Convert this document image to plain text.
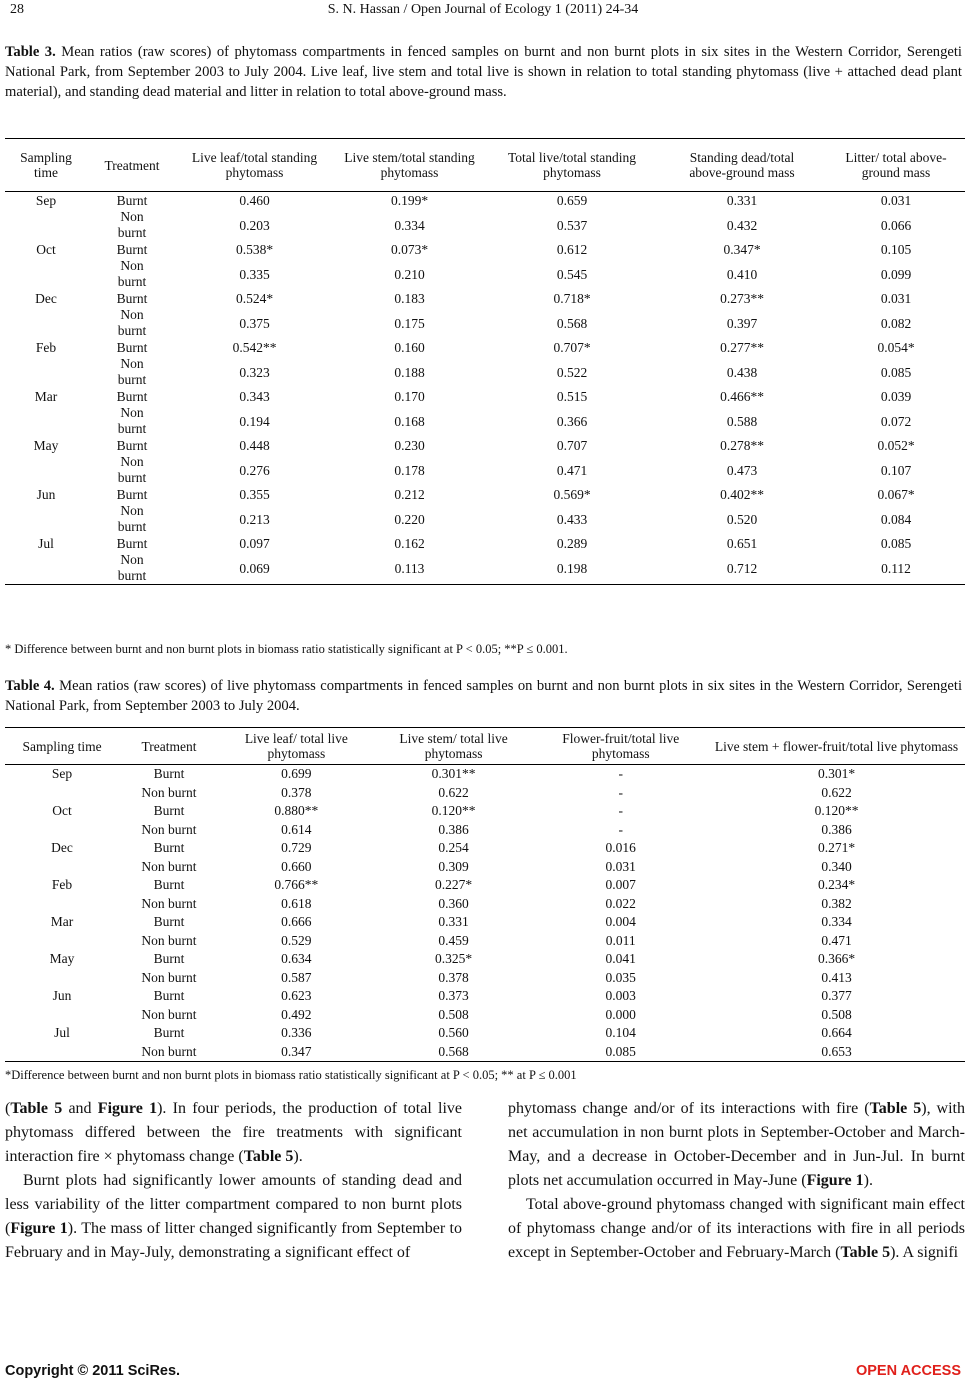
28	S. N. Hassan / Open Journal of Ecology 1 (2011) 24-34
Table 3. Mean ratios (raw scores) of phytomass compartments in fenced samples on burnt and non burnt plots in six sites in the Western Corridor, Serengeti National Park, from September 2003 to July 2004. Live leaf, live stem and total live is shown in relation to total standing phytomass (live + attached dead plant material), and standing dead material and litter in relation to total above-ground mass.
Sampling time	Treatment	Live leaf/total standing phytomass	Live stem/total standing phytomass	Total live/total standing phytomass	Standing dead/total above-ground mass	Litter/ total above-ground mass

Sep	Burnt	0.460	0.199*	0.659	0.331	0.031

	Non burnt	0.203	0.334	0.537	0.432	0.066
Oct	Burnt	0.538*	0.073*	0.612	0.347*	0.105

	Non burnt	0.335	0.210	0.545	0.410	0.099
Dec	Burnt	0.524*	0.183	0.718*	0.273**	0.031

	Non burnt	0.375	0.175	0.568	0.397	0.082
Feb	Burnt	0.542**	0.160	0.707*	0.277**	0.054*

	Non burnt	0.323	0.188	0.522	0.438	0.085
Mar	Burnt	0.343	0.170	0.515	0.466**	0.039

	Non burnt	0.194	0.168	0.366	0.588	0.072
May	Burnt	0.448	0.230	0.707	0.278**	0.052*

	Non burnt	0.276	0.178	0.471	0.473	0.107
Jun	Burnt	0.355	0.212	0.569*	0.402**	0.067*

	Non burnt	0.213	0.220	0.433	0.520	0.084
Jul	Burnt	0.097	0.162	0.289	0.651	0.085

	Non burnt	0.069	0.113	0.198	0.712	0.112
* Difference between burnt and non burnt plots in biomass ratio statistically significant at P < 0.05; **P ≤ 0.001.
Table 4. Mean ratios (raw scores) of live phytomass compartments in fenced samples on burnt and non burnt plots in six sites in the Western Corridor, Serengeti National Park, from September 2003 to July 2004.
Sampling time	Treatment	Live leaf/ total live phytomass	Live stem/ total live phytomass	Flower-fruit/total live phytomass	Live stem + flower-fruit/total live phytomass

Sep	Burnt	0.699	0.301**	-	0.301*
	Non burnt	0.378	0.622	-	0.622
Oct	Burnt	0.880**	0.120**	-	0.120**
	Non burnt	0.614	0.386	-	0.386
Dec	Burnt	0.729	0.254	0.016	0.271*
	Non burnt	0.660	0.309	0.031	0.340
Feb	Burnt	0.766**	0.227*	0.007	0.234*
	Non burnt	0.618	0.360	0.022	0.382
Mar	Burnt	0.666	0.331	0.004	0.334
	Non burnt	0.529	0.459	0.011	0.471
May	Burnt	0.634	0.325*	0.041	0.366*
	Non burnt	0.587	0.378	0.035	0.413
Jun	Burnt	0.623	0.373	0.003	0.377
	Non burnt	0.492	0.508	0.000	0.508
Jul	Burnt	0.336	0.560	0.104	0.664
	Non burnt	0.347	0.568	0.085	0.653
*Difference between burnt and non burnt plots in biomass ratio statistically significant at P < 0.05; ** at P ≤ 0.001

(Table 5 and Figure 1). In four periods, the production of total live phytomass differed between the fire treatments with significant interaction fire × phytomass change (Table 5).

Burnt plots had significantly lower amounts of standing dead and less variability of the litter compartment compared to non burnt plots (Figure 1). The mass of litter changed significantly from September to February and in May-July, demonstrating a significant effect of

phytomass change and/or of its interactions with fire (Table 5), with net accumulation in non burnt plots in September-October and March-May, and a decrease in October-December and in Jun-Jul. In burnt plots net accumulation occurred in May-June (Figure 1).

Total above-ground phytomass changed with significant main effect of phytomass change and/or of its interactions with fire in all periods except in September-October and February-March (Table 5). A signifi

Copyright © 2011 SciRes.	OPEN ACCESS
